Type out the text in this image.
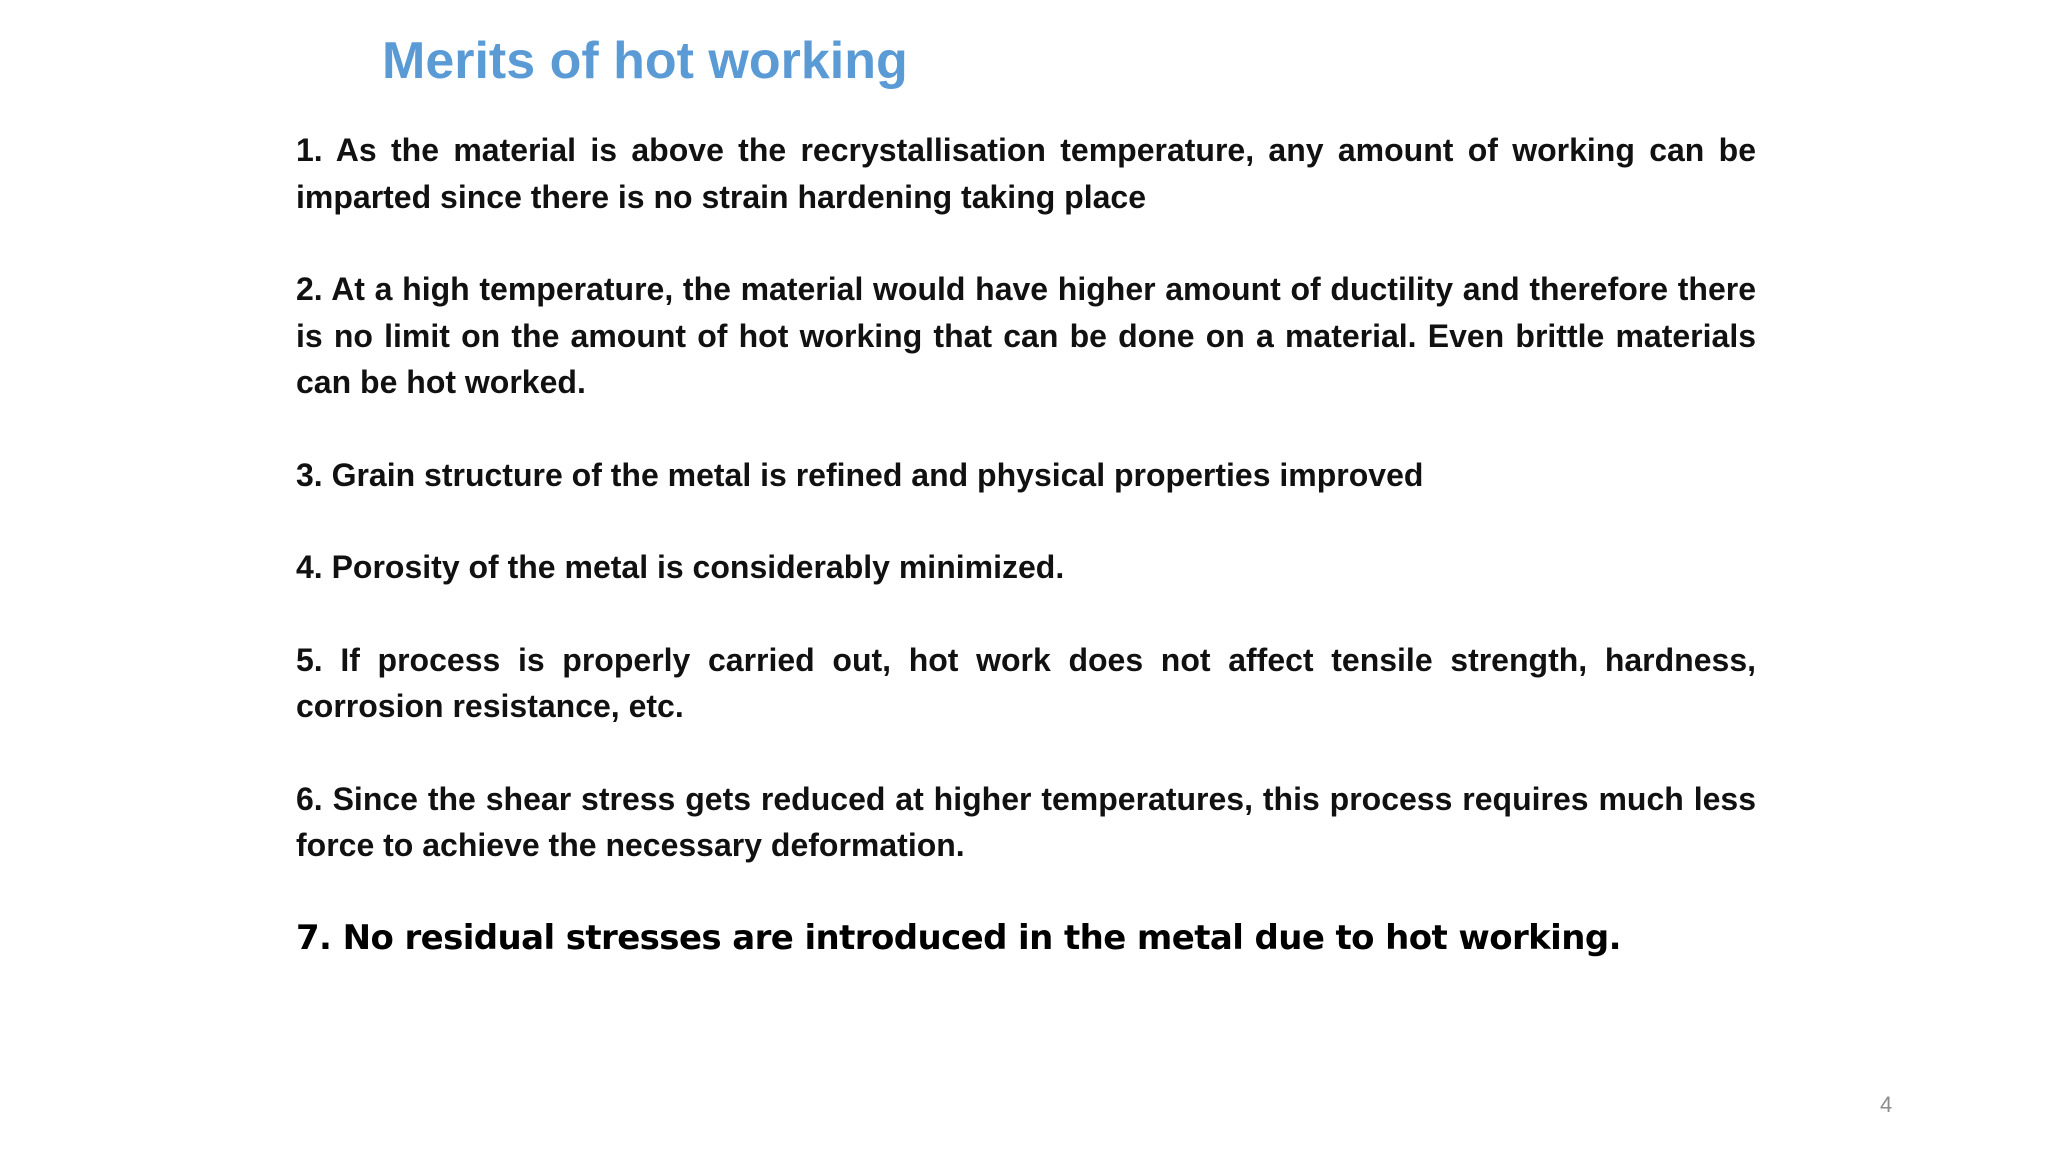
Merits of hot working
1. As the material is above the recrystallisation temperature, any amount of working can be imparted since there is no strain hardening taking place
2. At a high temperature, the material would have higher amount of ductility and therefore there is no limit on the amount of hot working that can be done on a material. Even brittle materials can be hot worked.
3. Grain structure of the metal is refined and physical properties improved
4. Porosity of the metal is considerably minimized.
5. If process is properly carried out, hot work does not affect tensile strength, hardness, corrosion resistance, etc.
6. Since the shear stress gets reduced at higher temperatures, this process requires much less force to achieve the necessary deformation.
7. No residual stresses are introduced in the metal due to hot working.
4
